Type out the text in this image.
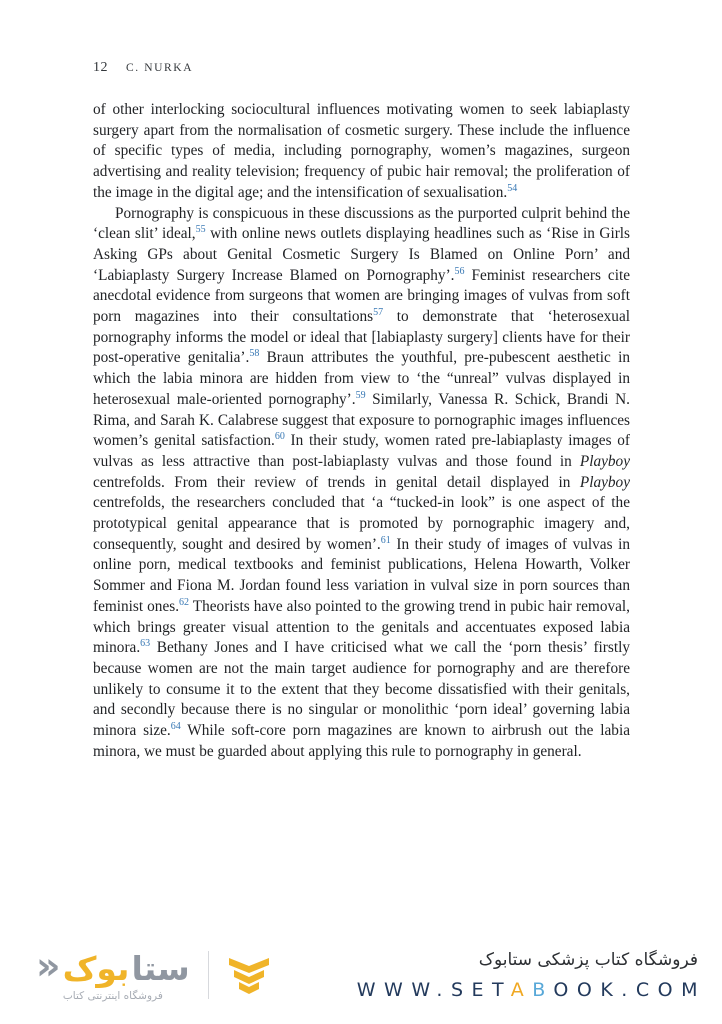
12 C. NURKA

of other interlocking sociocultural influences motivating women to seek labiaplasty surgery apart from the normalisation of cosmetic surgery. These include the influence of specific types of media, including pornography, women’s magazines, surgeon advertising and reality television; frequency of pubic hair removal; the proliferation of the image in the digital age; and the intensification of sexualisation.$^{54}$

Pornography is conspicuous in these discussions as the purported culprit behind the ‘clean slit’ ideal,$^{55}$ with online news outlets displaying headlines such as ‘Rise in Girls Asking GPs about Genital Cosmetic Surgery Is Blamed on Online Porn’ and ‘Labiaplasty Surgery Increase Blamed on Pornography’.$^{56}$ Feminist researchers cite anecdotal evidence from surgeons that women are bringing images of vulvas from soft porn magazines into their consultations$^{57}$ to demonstrate that ‘heterosexual pornography informs the model or ideal that [labiaplasty surgery] clients have for their post-operative genitalia’.$^{58}$ Braun attributes the youthful, pre-pubescent aesthetic in which the labia minora are hidden from view to ‘the “unreal” vulvas displayed in heterosexual male-oriented pornography’.$^{59}$ Similarly, Vanessa R. Schick, Brandi N. Rima, and Sarah K. Calabrese suggest that exposure to pornographic images influences women’s genital satisfaction.$^{60}$ In their study, women rated pre-labiaplasty images of vulvas as less attractive than post-labiaplasty vulvas and those found in Playboy centrefolds. From their review of trends in genital detail displayed in Playboy centrefolds, the researchers concluded that ‘a “tucked-in look” is one aspect of the prototypical genital appearance that is promoted by pornographic imagery and, consequently, sought and desired by women’.$^{61}$ In their study of images of vulvas in online porn, medical textbooks and feminist publications, Helena Howarth, Volker Sommer and Fiona M. Jordan found less variation in vulval size in porn sources than feminist ones.$^{62}$ Theorists have also pointed to the growing trend in pubic hair removal, which brings greater visual attention to the genitals and accentuates exposed labia minora.$^{63}$ Bethany Jones and I have criticised what we call the ‘porn thesis’ firstly because women are not the main target audience for pornography and are therefore unlikely to consume it to the extent that they become dissatisfied with their genitals, and secondly because there is no singular or monolithic ‘porn ideal’ governing labia minora size.$^{64}$ While soft-core porn magazines are known to airbrush out the labia minora, we must be guarded about applying this rule to pornography in general.

ستا
بوک
«
فروشگاه اینترنتی کتاب
فروشگاه کتاب پزشکی ستابوک
WWW.SETABOOK.COM
